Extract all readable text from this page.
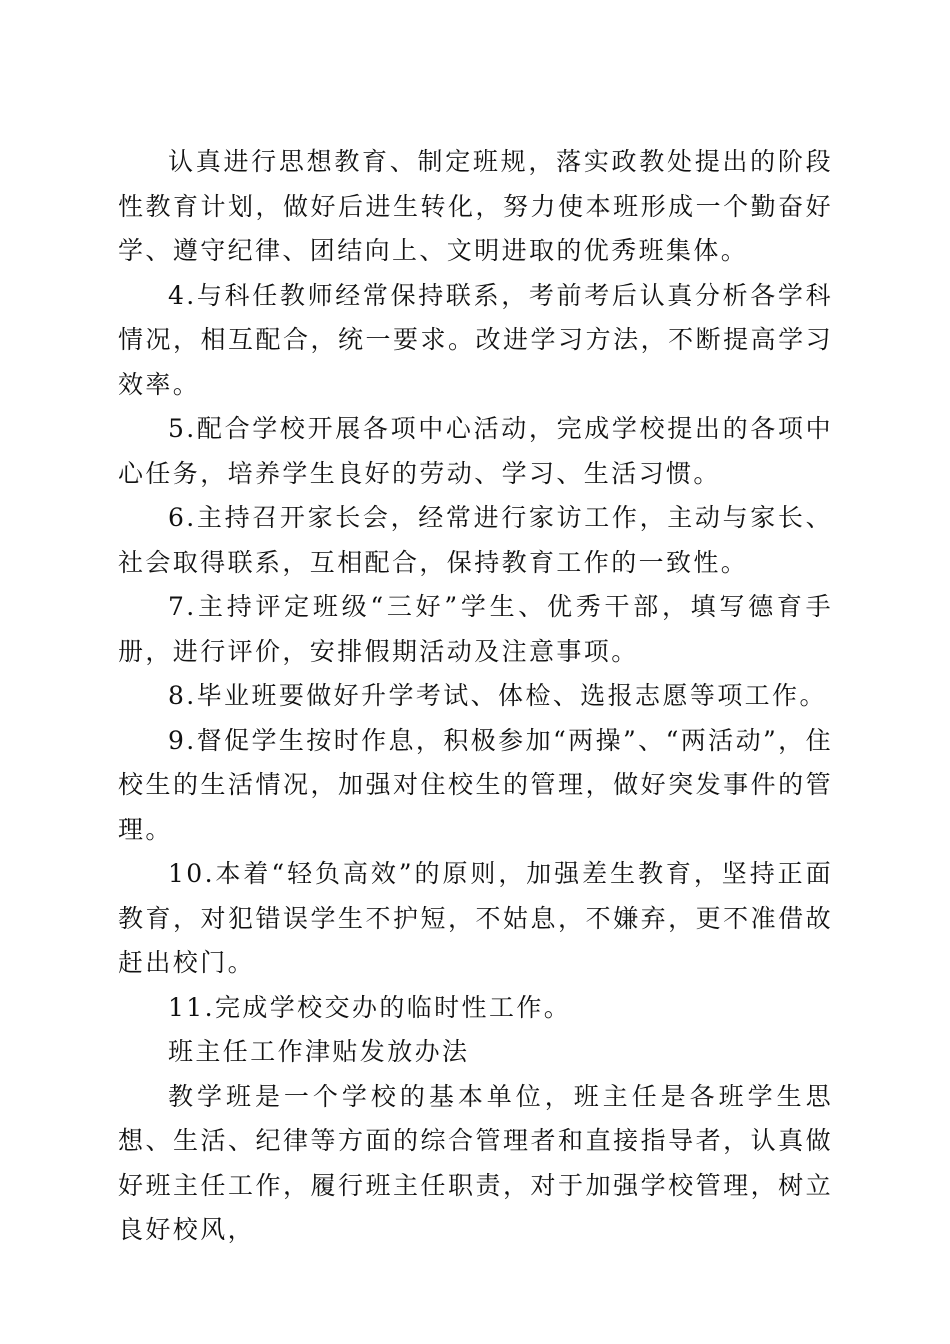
认真进行思想教育、制定班规，落实政教处提出的阶段性教育计划，做好后进生转化，努力使本班形成一个勤奋好学、遵守纪律、团结向上、文明进取的优秀班集体。

4.与科任教师经常保持联系，考前考后认真分析各学科情况，相互配合，统一要求。改进学习方法，不断提高学习效率。

5.配合学校开展各项中心活动，完成学校提出的各项中心任务，培养学生良好的劳动、学习、生活习惯。

6.主持召开家长会，经常进行家访工作，主动与家长、社会取得联系，互相配合，保持教育工作的一致性。

7.主持评定班级“三好”学生、优秀干部，填写德育手册，进行评价，安排假期活动及注意事项。

8.毕业班要做好升学考试、体检、选报志愿等项工作。

9.督促学生按时作息，积极参加“两操”、“两活动”，住校生的生活情况，加强对住校生的管理，做好突发事件的管理。

10.本着“轻负高效”的原则，加强差生教育，坚持正面教育，对犯错误学生不护短，不姑息，不嫌弃，更不准借故赶出校门。

11.完成学校交办的临时性工作。

班主任工作津贴发放办法

教学班是一个学校的基本单位，班主任是各班学生思想、生活、纪律等方面的综合管理者和直接指导者，认真做好班主任工作，履行班主任职责，对于加强学校管理，树立良好校风，
